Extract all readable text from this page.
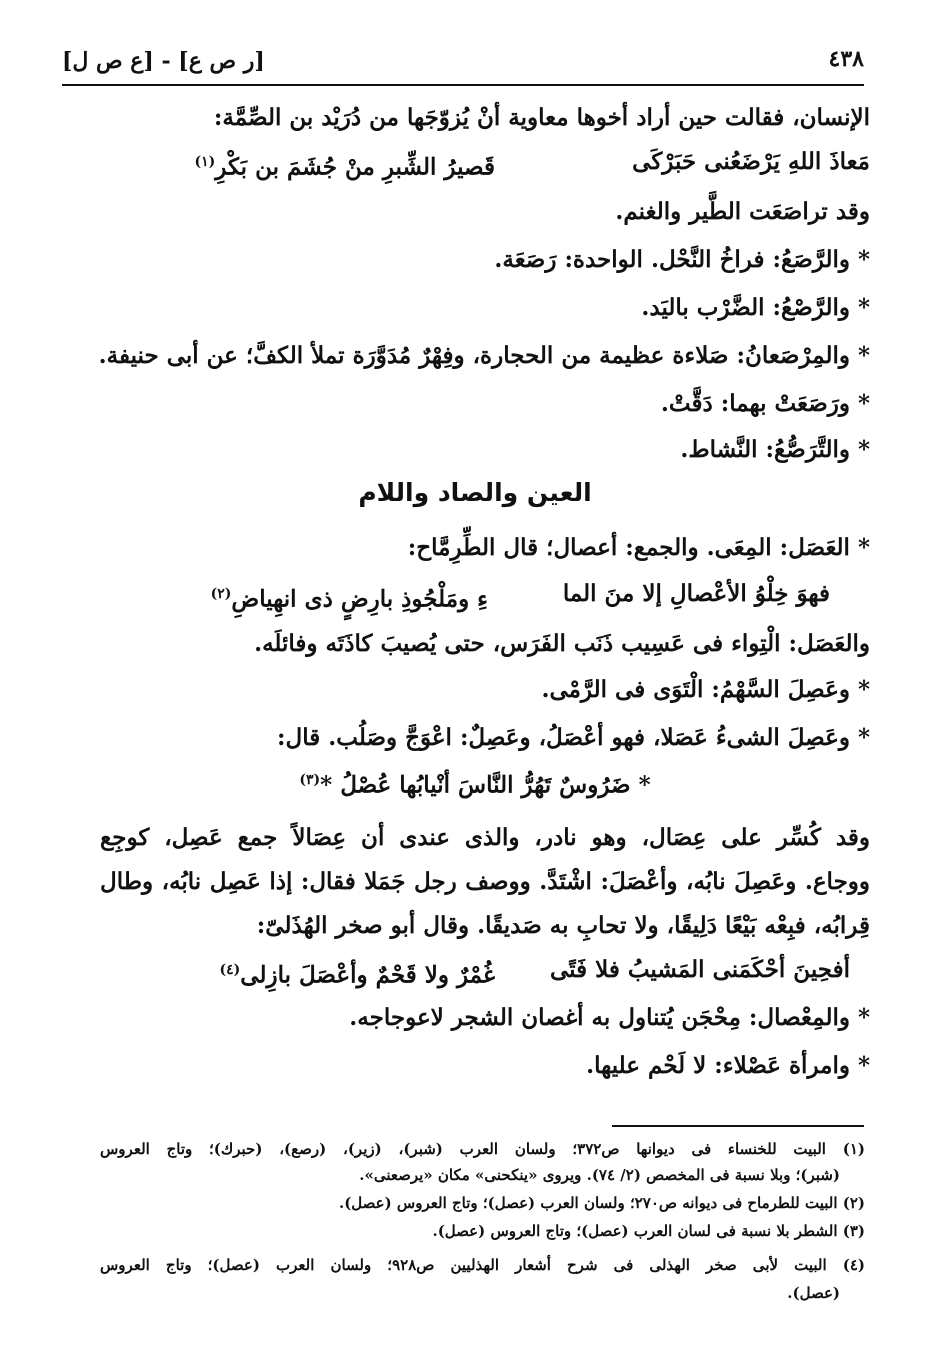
٤٣٨
[ر ص ع] - [ع ص ل]
الإنسان، فقالت حين أراد أخوها معاوية أنْ يُزوّجَها من دُرَيْد بن الصِّمَّة:
مَعاذَ اللهِ يَرْضَعُنى حَبَرْكَى
قَصيرُ الشِّبرِ منْ جُشَمَ بن بَكْرِ$^{(١)}$
وقد تراصَعَت الطَّير والغنم.
* والرَّصَعُ: فراخُ النَّحْل. الواحدة: رَصَعَة.
* والرَّصْعُ: الضَّرْب باليَد.
* والمِرْصَعانُ: صَلاءة عظيمة من الحجارة، وفِهْرٌ مُدَوَّرَة تملأ الكفَّ؛ عن أبى حنيفة.
* ورَصَعَتْ بهما: دَقَّتْ.
* والتَّرَصُّعُ: النَّشاط.
العين والصاد واللام
* العَصَل: المِعَى. والجمع: أعصال؛ قال الطِّرِمَّاح:
فهوَ خِلْوُ الأعْصالِ إلا منَ الما
ءِ ومَلْجُوذِ بارِضٍ ذى انهِياضِ$^{(٢)}$
والعَصَل: الْتِواء فى عَسِيب ذَنَب الفَرَس، حتى يُصيبَ كاذَتَه وفائلَه.
* وعَصِلَ السَّهْمُ: الْتَوَى فى الرَّمْى.
* وعَصِلَ الشىءُ عَصَلا، فهو أعْصَلُ، وعَصِلٌ: اعْوَجَّ وصَلُب. قال:
* ضَرُوسٌ تَهُرُّ النَّاسَ أنْيابُها عُصْلُ *$^{(٣)}$
وقد كُسِّر على عِصَال، وهو نادر، والذى عندى أن عِصَالاً جمع عَصِل، كوجِع
ووجاع. وعَصِلَ نابُه، وأعْصَلَ: اشْتَدَّ. ووصف رجل جَمَلا فقال: إذا عَصِل نابُه، وطال
قِرابُه، فبِعْه بَيْعًا دَلِيقًا، ولا تحابِ به صَديقًا. وقال أبو صخر الهُذَلىّ:
أفحِينَ أحْكَمَنى المَشيبُ فلا فَتًى
غُمْرٌ ولا قَحْمٌ وأعْصَلَ بازِلى$^{(٤)}$
* والمِعْصال: مِحْجَن يُتناول به أغصان الشجر لاعوجاجه.
* وامرأة عَصْلاء: لا لَحْم عليها.
(١) البيت للخنساء فى ديوانها ص٣٧٢؛ ولسان العرب (شبر)، (زير)، (رصع)، (حبرك)؛ وتاج العروس
(شبر)؛ وبلا نسبة فى المخصص (٢/ ٧٤). ويروى «ينكحنى» مكان «يرصعنى».
(٢) البيت للطرماح فى ديوانه ص٢٧٠؛ ولسان العرب (عصل)؛ وتاج العروس (عصل).
(٣) الشطر بلا نسبة فى لسان العرب (عصل)؛ وتاج العروس (عصل).
(٤) البيت لأبى صخر الهذلى فى شرح أشعار الهذليين ص٩٢٨؛ ولسان العرب (عصل)؛ وتاج العروس
(عصل).
